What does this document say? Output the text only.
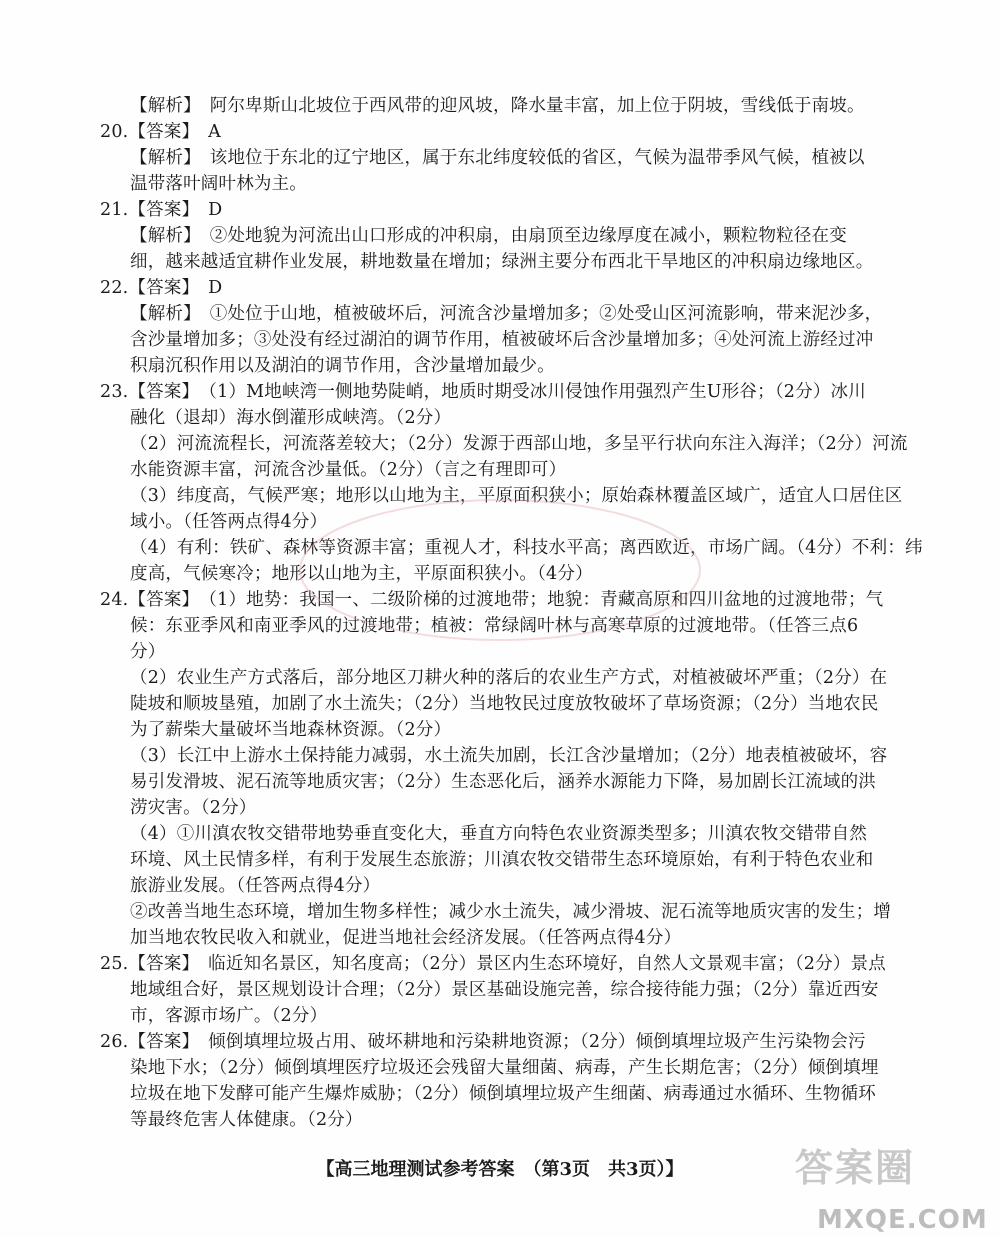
【解析】　阿尔卑斯山北坡位于西风带的迎风坡，降水量丰富，加上位于阴坡，雪线低于南坡。
20.【答案】　A
【解析】　该地位于东北的辽宁地区，属于东北纬度较低的省区，气候为温带季风气候，植被以
温带落叶阔叶林为主。
21.【答案】　D
【解析】　②处地貌为河流出山口形成的冲积扇，由扇顶至边缘厚度在减小，颗粒物粒径在变
细，越来越适宜耕作业发展，耕地数量在增加；绿洲主要分布西北干旱地区的冲积扇边缘地区。
22.【答案】　D
【解析】　①处位于山地，植被破坏后，河流含沙量增加多；②处受山区河流影响，带来泥沙多，
含沙量增加多；③处没有经过湖泊的调节作用，植被破坏后含沙量增加多；④处河流上游经过冲
积扇沉积作用以及湖泊的调节作用，含沙量增加最少。
23.【答案】　（1）M地峡湾一侧地势陡峭，地质时期受冰川侵蚀作用强烈产生U形谷；（2分）冰川
融化（退却）海水倒灌形成峡湾。（2分）
（2）河流流程长，河流落差较大；（2分）发源于西部山地，多呈平行状向东注入海洋；（2分）河流
水能资源丰富，河流含沙量低。（2分）（言之有理即可）
（3）纬度高，气候严寒；地形以山地为主，平原面积狭小；原始森林覆盖区域广，适宜人口居住区
域小。（任答两点得4分）
（4）有利：铁矿、森林等资源丰富；重视人才，科技水平高；离西欧近，市场广阔。（4分）不利：纬
度高，气候寒冷；地形以山地为主，平原面积狭小。（4分）
24.【答案】　（1）地势：我国一、二级阶梯的过渡地带；地貌：青藏高原和四川盆地的过渡地带；气
候：东亚季风和南亚季风的过渡地带；植被：常绿阔叶林与高寒草原的过渡地带。（任答三点6
分）
（2）农业生产方式落后，部分地区刀耕火种的落后的农业生产方式，对植被破坏严重；（2分）在
陡坡和顺坡垦殖，加剧了水土流失；（2分）当地牧民过度放牧破坏了草场资源；（2分）当地农民
为了薪柴大量破坏当地森林资源。（2分）
（3）长江中上游水土保持能力减弱，水土流失加剧，长江含沙量增加；（2分）地表植被破坏，容
易引发滑坡、泥石流等地质灾害；（2分）生态恶化后，涵养水源能力下降，易加剧长江流域的洪
涝灾害。（2分）
（4）①川滇农牧交错带地势垂直变化大，垂直方向特色农业资源类型多；川滇农牧交错带自然
环境、风土民情多样，有利于发展生态旅游；川滇农牧交错带生态环境原始，有利于特色农业和
旅游业发展。（任答两点得4分）
②改善当地生态环境，增加生物多样性；减少水土流失，减少滑坡、泥石流等地质灾害的发生；增
加当地农牧民收入和就业，促进当地社会经济发展。（任答两点得4分）
25.【答案】　临近知名景区，知名度高；（2分）景区内生态环境好，自然人文景观丰富；（2分）景点
地域组合好，景区规划设计合理；（2分）景区基础设施完善，综合接待能力强；（2分）靠近西安
市，客源市场广。（2分）
26.【答案】　倾倒填埋垃圾占用、破坏耕地和污染耕地资源；（2分）倾倒填埋垃圾产生污染物会污
染地下水；（2分）倾倒填埋医疗垃圾还会残留大量细菌、病毒，产生长期危害；（2分）倾倒填埋
垃圾在地下发酵可能产生爆炸威胁；（2分）倾倒填埋垃圾产生细菌、病毒通过水循环、生物循环
等最终危害人体健康。（2分）
【高三地理测试参考答案　（第3页　共3页）】	答案圈
MXQE.COM
